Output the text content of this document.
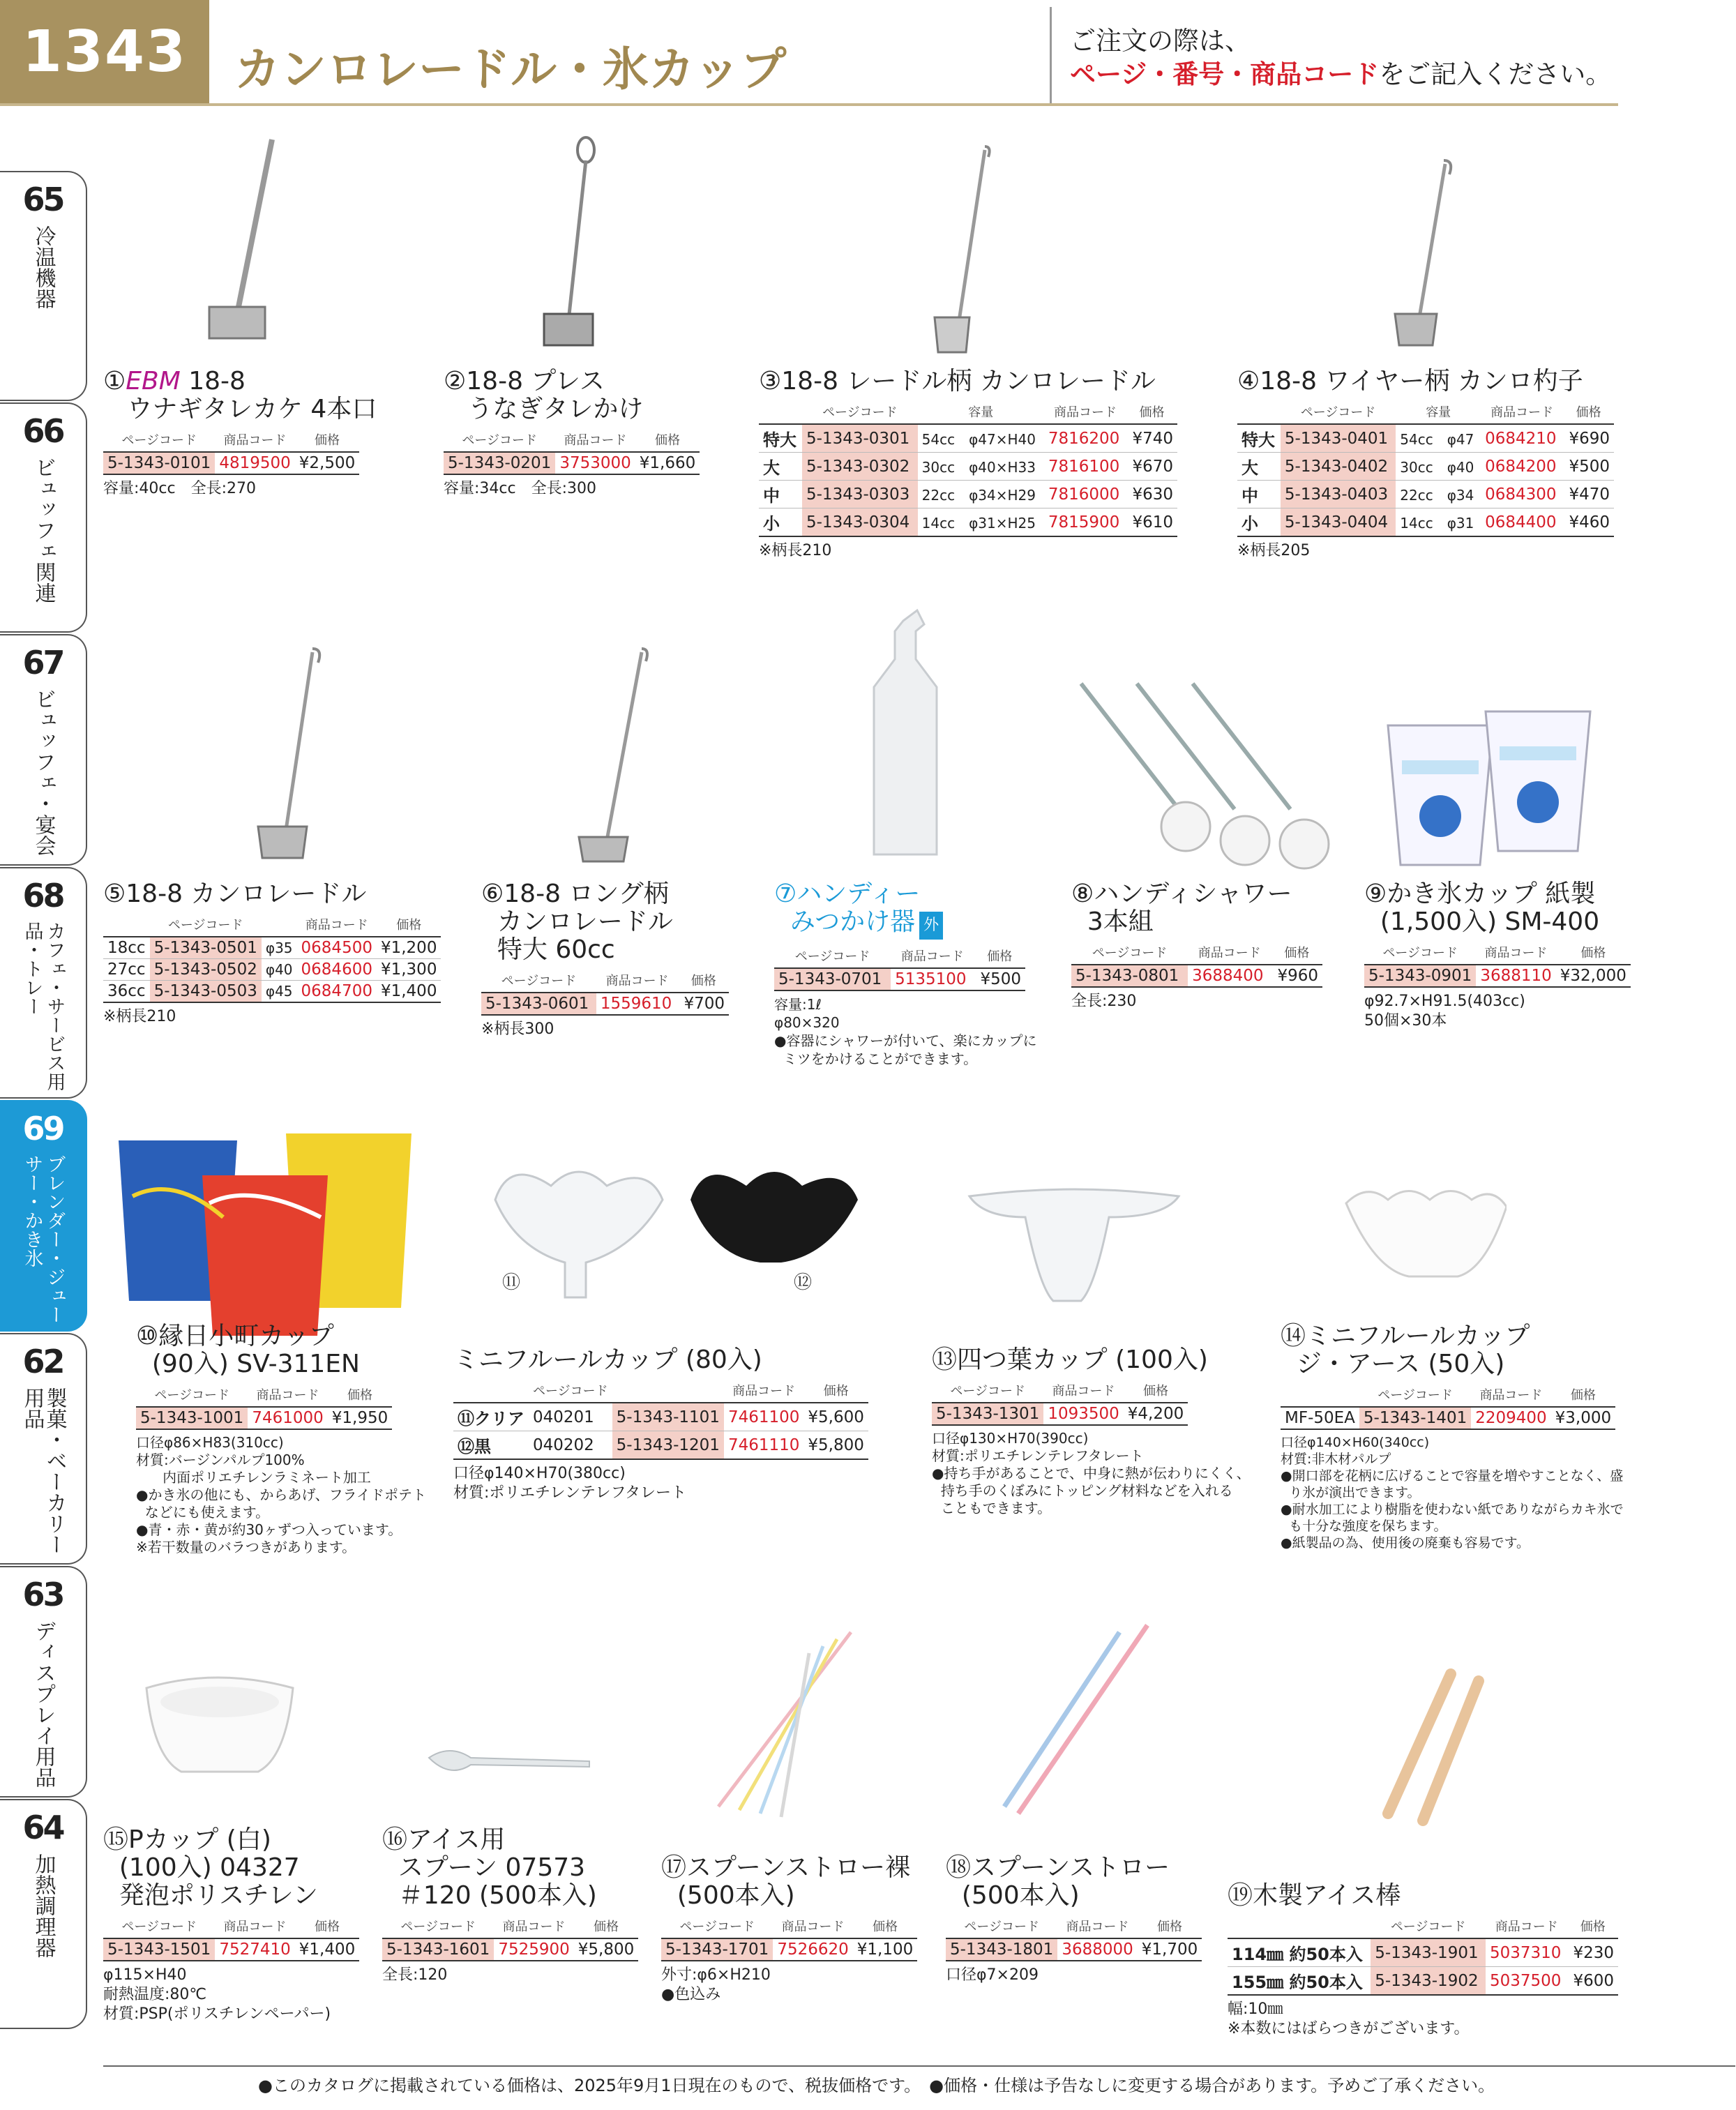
1343	カンロレードル・氷カップ
ご注文の際は、
ページ・番号・商品コードをご記入ください。
65
冷温機器
66
ビュッフェ関連
67
ビュッフェ・宴会
68
カフェ・サービス用品・トレー
69
ブレンダー・ジューサー・かき氷
62
製菓・ベーカリー用品
63
ディスプレイ用品
64
加熱調理器
⑪	⑫
①EBM 18-8
ウナギタレカケ 4本口
ページコード	商品コード	価格
5-1343-0101	4819500	¥2,500
容量:40cc　全長:270
②18-8 プレス
うなぎタレかけ
ページコード	商品コード	価格
5-1343-0201	3753000	¥1,660
容量:34cc　全長:300
③18-8 レードル柄 カンロレードル
	ページコード	容量	商品コード	価格
特大	5-1343-0301	54cc　φ47×H40	7816200	¥740
大	5-1343-0302	30cc　φ40×H33	7816100	¥670
中	5-1343-0303	22cc　φ34×H29	7816000	¥630
小	5-1343-0304	14cc　φ31×H25	7815900	¥610
※柄長210
④18-8 ワイヤー柄 カンロ杓子
	ページコード	容量	商品コード	価格
特大	5-1343-0401	54cc　φ47	0684210	¥690
大	5-1343-0402	30cc　φ40	0684200	¥500
中	5-1343-0403	22cc　φ34	0684300	¥470
小	5-1343-0404	14cc　φ31	0684400	¥460
※柄長205
⑤18-8 カンロレードル
	ページコード		商品コード	価格
18cc	5-1343-0501	φ35	0684500	¥1,200
27cc	5-1343-0502	φ40	0684600	¥1,300
36cc	5-1343-0503	φ45	0684700	¥1,400
※柄長210
⑥18-8 ロング柄
カンロレードル
特大 60cc
ページコード	商品コード	価格
5-1343-0601	1559610	¥700
※柄長300
⑦ハンディー
みつかけ器 外
ページコード	商品コード	価格
5-1343-0701	5135100	¥500
容量:1ℓ
φ80×320
●容器にシャワーが付いて、楽にカップに
ミツをかけることができます。
⑧ハンディシャワー
3本組
ページコード	商品コード	価格
5-1343-0801	3688400	¥960
全長:230
⑨かき氷カップ 紙製
(1,500入) SM-400
ページコード	商品コード	価格
5-1343-0901	3688110	¥32,000
φ92.7×H91.5(403cc)
50個×30本
⑩縁日小町カップ
(90入) SV-311EN
ページコード	商品コード	価格
5-1343-1001	7461000	¥1,950
口径φ86×H83(310cc)
材質:バージンパルプ100%
内面ポリエチレンラミネート加工
●かき氷の他にも、からあげ、フライドポテト
などにも使えます。
●青・赤・黄が約30ヶずつ入っています。
※若干数量のバラつきがあります。
ミニフルールカップ (80入)
	ページコード		商品コード	価格
⑪クリア	040201	5-1343-1101	7461100	¥5,600
⑫黒	040202	5-1343-1201	7461110	¥5,800
口径φ140×H70(380cc)
材質:ポリエチレンテレフタレート
⑬四つ葉カップ (100入)
ページコード	商品コード	価格
5-1343-1301	1093500	¥4,200
口径φ130×H70(390cc)
材質:ポリエチレンテレフタレート
●持ち手があることで、中身に熱が伝わりにくく、
持ち手のくぼみにトッピング材料などを入れる
こともできます。
⑭ミニフルールカップ
ジ・アース (50入)
	ページコード	商品コード	価格
MF-50EA	5-1343-1401	2209400	¥3,000
口径φ140×H60(340cc)
材質:非木材パルプ
●開口部を花柄に広げることで容量を増やすことなく、盛
り氷が演出できます。
●耐水加工により樹脂を使わない紙でありながらカキ氷で
も十分な強度を保ちます。
●紙製品の為、使用後の廃棄も容易です。
⑮Pカップ (白)
(100入) 04327
発泡ポリスチレン
ページコード	商品コード	価格
5-1343-1501	7527410	¥1,400
φ115×H40
耐熱温度:80℃
材質:PSP(ポリスチレンペーパー)
⑯アイス用
スプーン 07573
＃120 (500本入)
ページコード	商品コード	価格
5-1343-1601	7525900	¥5,800
全長:120
⑰スプーンストロー裸
(500本入)
ページコード	商品コード	価格
5-1343-1701	7526620	¥1,100
外寸:φ6×H210
●色込み
⑱スプーンストロー
(500本入)
ページコード	商品コード	価格
5-1343-1801	3688000	¥1,700
口径φ7×209
⑲木製アイス棒
	ページコード	商品コード	価格
114㎜ 約50本入	5-1343-1901	5037310	¥230
155㎜ 約50本入	5-1343-1902	5037500	¥600
幅:10㎜
※本数にはばらつきがございます。
●このカタログに掲載されている価格は、2025年9月1日現在のもので、税抜価格です。　●価格・仕様は予告なしに変更する場合があります。予めご了承ください。
